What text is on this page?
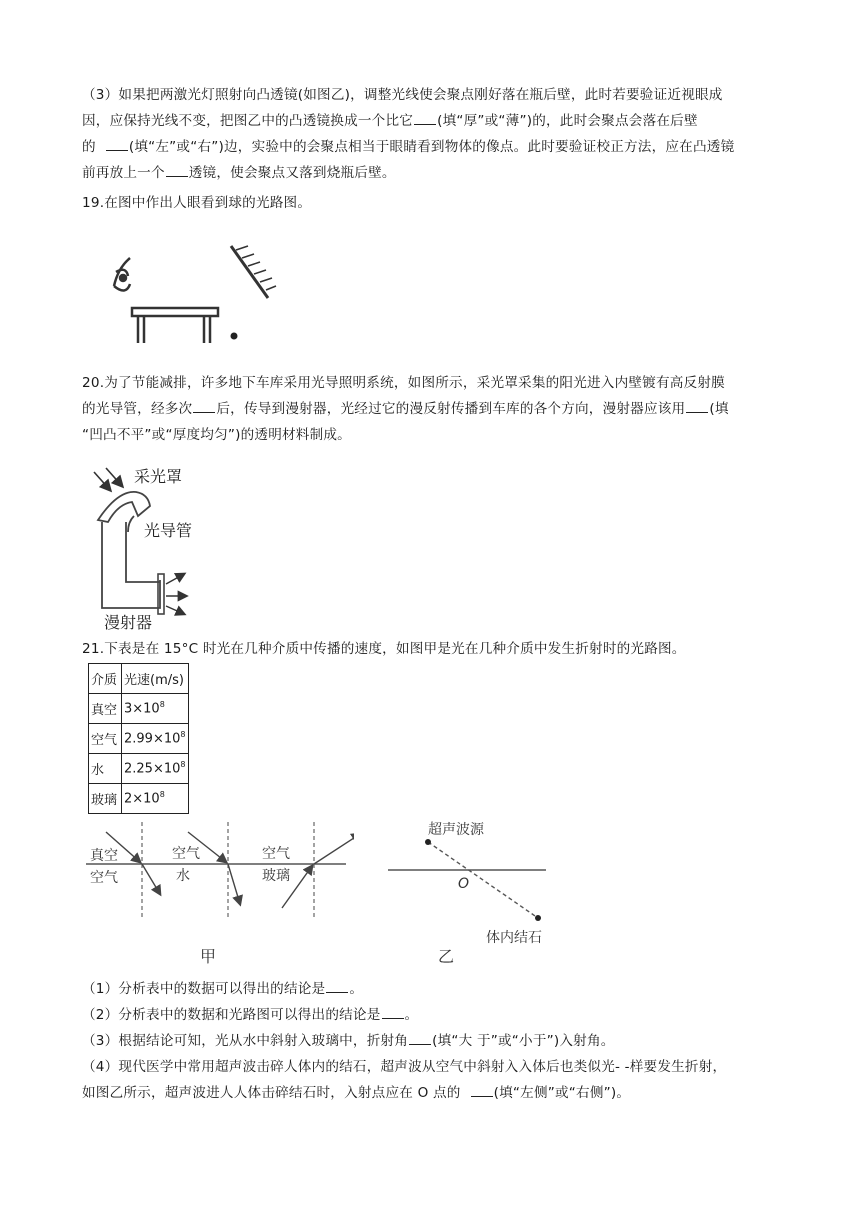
（3）如果把两激光灯照射向凸透镜(如图乙)，调整光线使会聚点刚好落在瓶后壁，此时若要验证近视眼成
因，应保持光线不变，把图乙中的凸透镜换成一个比它 (填“厚”或“薄”)的，此时会聚点会落在后壁
的 (填“左”或“右”)边，实验中的会聚点相当于眼睛看到物体的像点。此时要验证校正方法，应在凸透镜
前再放上一个 透镜，使会聚点又落到烧瓶后壁。
19.在图中作出人眼看到球的光路图。
20.为了节能减排，许多地下车库采用光导照明系统，如图所示，采光罩采集的阳光进入内壁镀有高反射膜
的光导管，经多次 后，传导到漫射器，光经过它的漫反射传播到车库的各个方向，漫射器应该用 (填
“凹凸不平”或“厚度均匀”)的透明材料制成。
采光罩
光导管
漫射器
21.下表是在 15°C 时光在几种介质中传播的速度，如图甲是光在几种介质中发生折射时的光路图。
介质	光速(m/s)
真空	$3\times 10^8$
空气	$2.99\times 10^8$
水	$2.25\times 10^8$
玻璃	$2\times 10^8$
真空
空气
空气
水
空气
玻璃
甲
超声波源
O
体内结石
乙
（1）分析表中的数据可以得出的结论是 。
（2）分析表中的数据和光路图可以得出的结论是 。
（3）根据结论可知，光从水中斜射入玻璃中，折射角 (填“大 于”或“小于”)入射角。
（4）现代医学中常用超声波击碎人体内的结石，超声波从空气中斜射入入体后也类似光- -样要发生折射，
如图乙所示，超声波进人人体击碎结石时，入射点应在 O 点的 (填“左侧”或“右侧”)。
